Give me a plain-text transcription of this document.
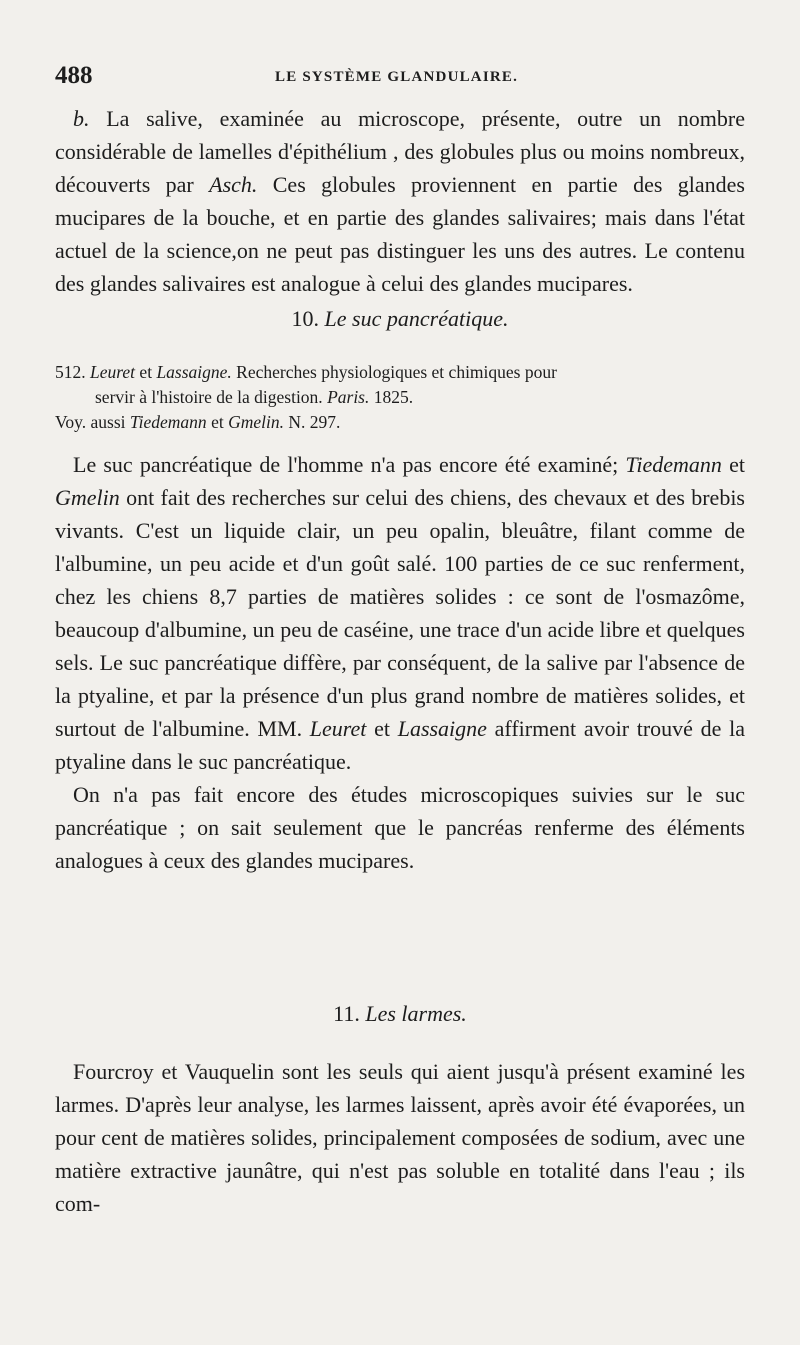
488	LE SYSTÈME GLANDULAIRE.

b. La salive, examinée au microscope, présente, outre un nombre considérable de lamelles d'épithélium , des globules plus ou moins nombreux, découverts par Asch. Ces globules proviennent en partie des glandes mucipares de la bouche, et en partie des glandes salivaires; mais dans l'état actuel de la science,on ne peut pas distinguer les uns des autres. Le contenu des glandes salivaires est analogue à celui des glandes mucipares.

10. Le suc pancréatique.

512. Leuret et Lassaigne. Recherches physiologiques et chimiques pour

servir à l'histoire de la digestion. Paris. 1825.

Voy. aussi Tiedemann et Gmelin. N. 297.

Le suc pancréatique de l'homme n'a pas encore été examiné; Tiedemann et Gmelin ont fait des recherches sur celui des chiens, des chevaux et des brebis vivants. C'est un liquide clair, un peu opalin, bleuâtre, filant comme de l'albumine, un peu acide et d'un goût salé. 100 parties de ce suc renferment, chez les chiens 8,7 parties de matières solides : ce sont de l'osmazôme, beaucoup d'albumine, un peu de caséine, une trace d'un acide libre et quelques sels. Le suc pancréatique diffère, par conséquent, de la salive par l'absence de la ptyaline, et par la présence d'un plus grand nombre de matières solides, et surtout de l'albumine. MM. Leuret et Lassaigne affirment avoir trouvé de la ptyaline dans le suc pancréatique.

On n'a pas fait encore des études microscopiques suivies sur le suc pancréatique ; on sait seulement que le pancréas renferme des éléments analogues à ceux des glandes mucipares.

11. Les larmes.

Fourcroy et Vauquelin sont les seuls qui aient jusqu'à présent examiné les larmes. D'après leur analyse, les larmes laissent, après avoir été évaporées, un pour cent de matières solides, principalement composées de sodium, avec une matière extractive jaunâtre, qui n'est pas soluble en totalité dans l'eau ; ils com-
